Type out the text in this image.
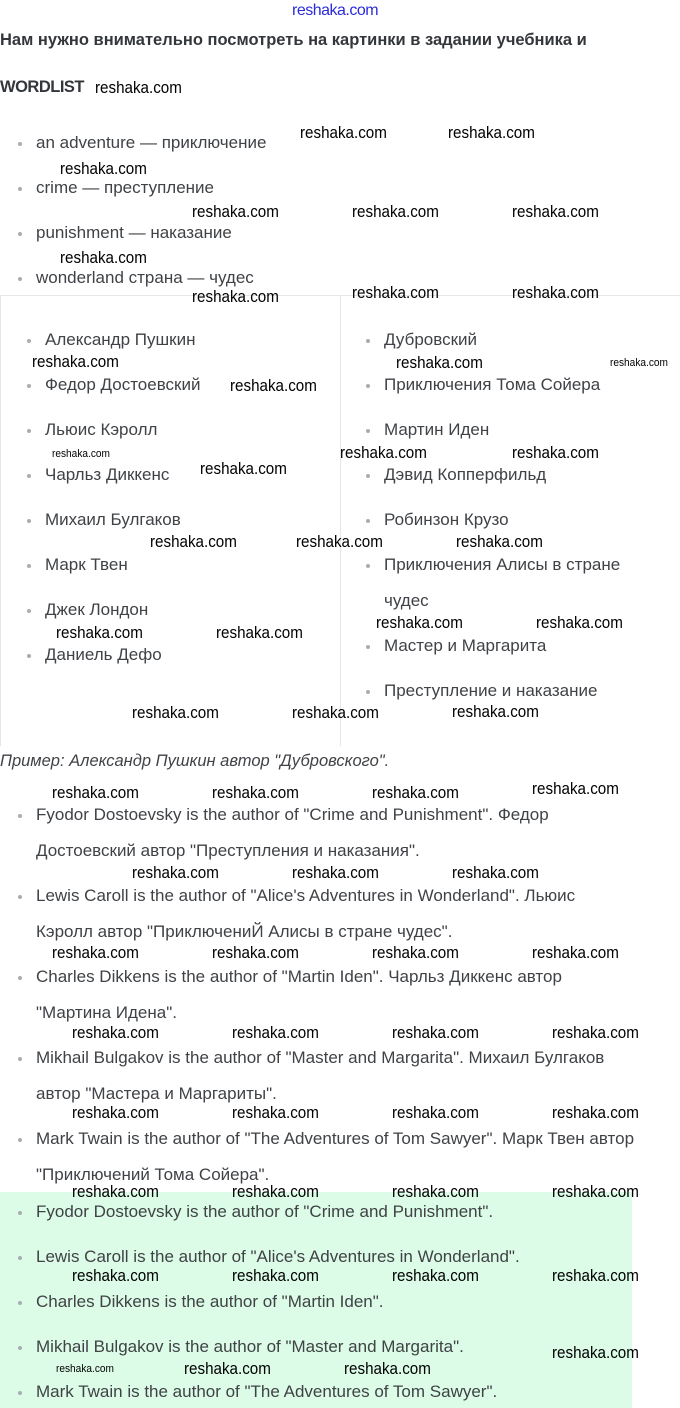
reshaka.com
Нам нужно внимательно посмотреть на картинки в задании учебника и
WORDLIST
an adventure — приключение
crime — преступление
punishment — наказание
wonderland страна — чудес
Александр Пушкин
Федор Достоевский
Льюис Кэролл
Чарльз Диккенс
Михаил Булгаков
Марк Твен
Джек Лондон
Даниель Дефо
Дубровский
Приключения Тома Сойера
Мартин Иден
Дэвид Копперфильд
Робинзон Крузо
Приключения Алисы в стране
чудес
Мастер и Маргарита
Преступление и наказание
Пример: Александр Пушкин автор "Дубровского".
Fyodor Dostoevsky is the author of "Crime and Punishment". Федор
Достоевский автор "Преступления и наказания".
Lewis Caroll is the author of "Alice's Adventures in Wonderland". Льюис
Кэролл автор "ПриключениЙ Алисы в стране чудес".
Charles Dikkens is the author of "Martin Iden". Чарльз Диккенс автор
"Мартина Идена".
Mikhail Bulgakov is the author of "Master and Margarita". Михаил Булгаков
автор "Мастера и Маргариты".
Mark Twain is the author of "The Adventures of Tom Sawyer". Марк Твен автор
"Приключений Тома Сойера".
Fyodor Dostoevsky is the author of "Crime and Punishment".
Lewis Caroll is the author of "Alice's Adventures in Wonderland".
Charles Dikkens is the author of "Martin Iden".
Mikhail Bulgakov is the author of "Master and Margarita".
Mark Twain is the author of "The Adventures of Tom Sawyer".
reshaka.com
reshaka.com	reshaka.com
reshaka.com
reshaka.com	reshaka.com	reshaka.com
reshaka.com
reshaka.com	reshaka.com	reshaka.com
reshaka.com
reshaka.com
reshaka.com	reshaka.com
reshaka.com
reshaka.com
reshaka.com	reshaka.com
reshaka.com	reshaka.com	reshaka.com
reshaka.com	reshaka.com
reshaka.com	reshaka.com
reshaka.com	reshaka.com	reshaka.com
reshaka.com	reshaka.com	reshaka.com	reshaka.com
reshaka.com	reshaka.com	reshaka.com
reshaka.com	reshaka.com	reshaka.com	reshaka.com
reshaka.com	reshaka.com	reshaka.com	reshaka.com
reshaka.com	reshaka.com	reshaka.com	reshaka.com
reshaka.com	reshaka.com	reshaka.com	reshaka.com
reshaka.com	reshaka.com	reshaka.com	reshaka.com
reshaka.com	reshaka.com	reshaka.com
reshaka.com
